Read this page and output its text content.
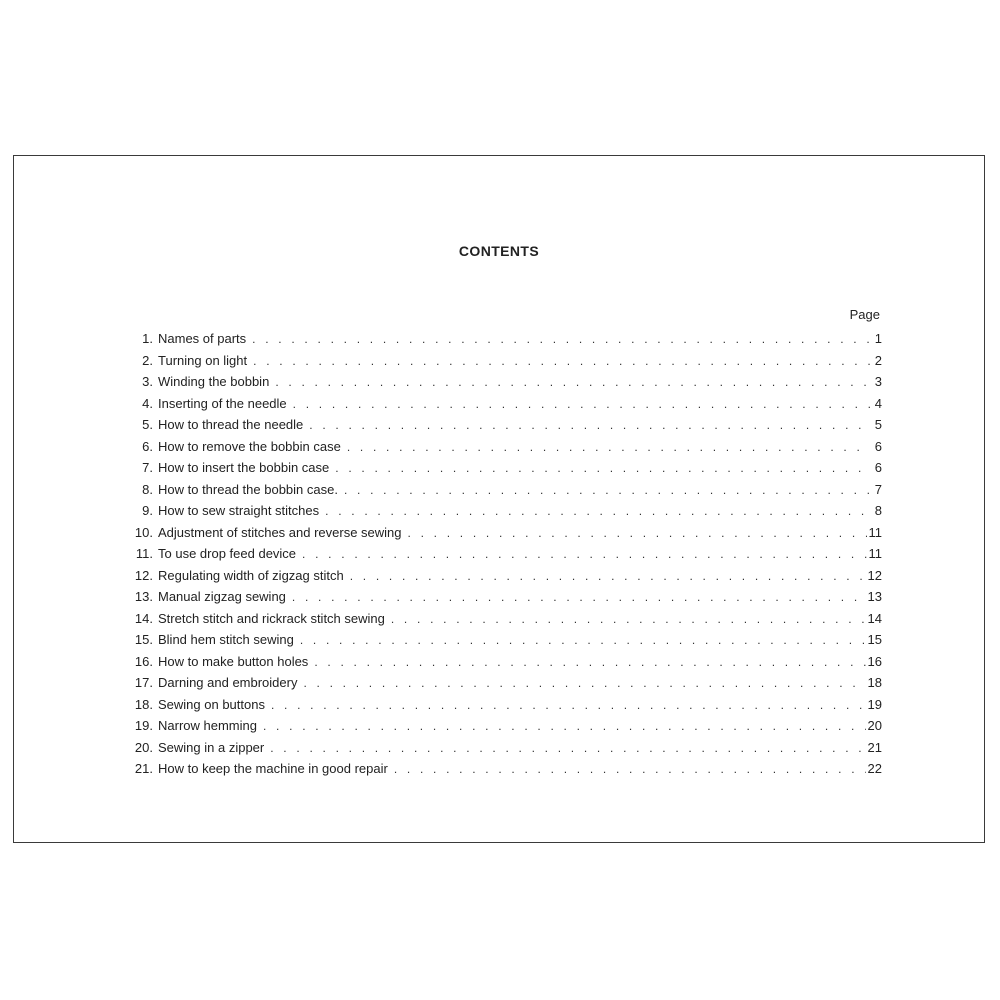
CONTENTS
Page
1. Names of parts . . .	1
2. Turning on light . . .	2
3. Winding the bobbin . . .	3
4. Inserting of the needle . . .	4
5. How to thread the needle . . .	5
6. How to remove the bobbin case . . .	6
7. How to insert the bobbin case . . .	6
8. How to thread the bobbin case. . . .	7
9. How to sew straight stitches . . .	8
10. Adjustment of stitches and reverse sewing . . .	11
11. To use drop feed device . . .	11
12. Regulating width of zigzag stitch . . .	12
13. Manual zigzag sewing . . .	13
14. Stretch stitch and rickrack stitch sewing . . .	14
15. Blind hem stitch sewing . . .	15
16. How to make button holes . . .	16
17. Darning and embroidery . . .	18
18. Sewing on buttons . . .	19
19. Narrow hemming . . .	20
20. Sewing in a zipper . . .	21
21. How to keep the machine in good repair . . .	22
